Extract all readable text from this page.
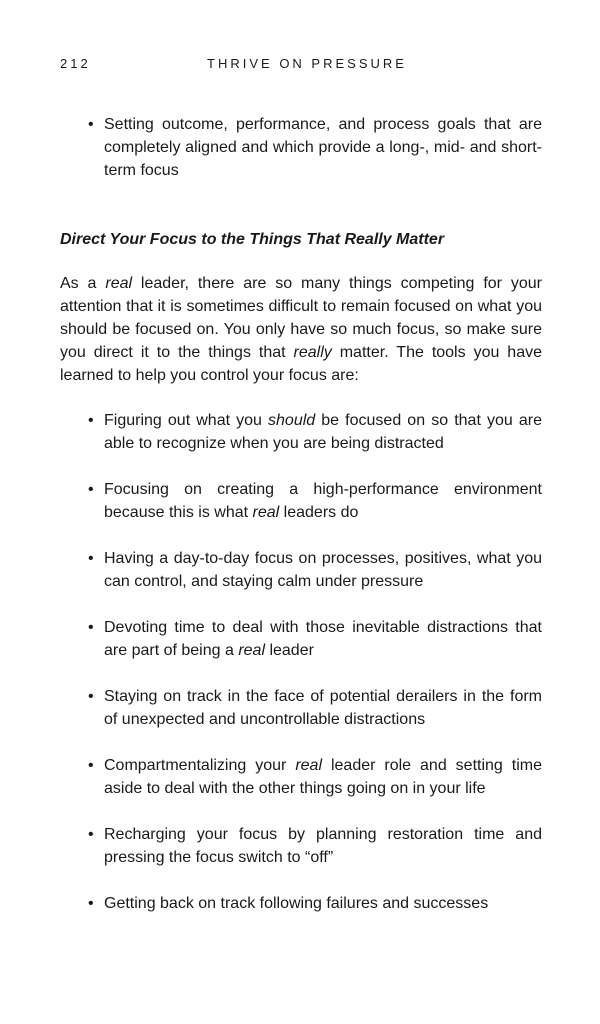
212	THRIVE ON PRESSURE
• Setting outcome, performance, and process goals that are completely aligned and which provide a long-, mid- and short-term focus
Direct Your Focus to the Things That Really Matter

As a real leader, there are so many things competing for your attention that it is sometimes difficult to remain focused on what you should be focused on. You only have so much focus, so make sure you direct it to the things that really matter. The tools you have learned to help you control your focus are:

• Figuring out what you should be focused on so that you are able to recognize when you are being distracted
• Focusing on creating a high-performance environment because this is what real leaders do
• Having a day-to-day focus on processes, positives, what you can control, and staying calm under pressure
• Devoting time to deal with those inevitable distractions that are part of being a real leader
• Staying on track in the face of potential derailers in the form of unexpected and uncontrollable distractions
• Compartmentalizing your real leader role and setting time aside to deal with the other things going on in your life
• Recharging your focus by planning restoration time and pressing the focus switch to “off”
• Getting back on track following failures and successes
